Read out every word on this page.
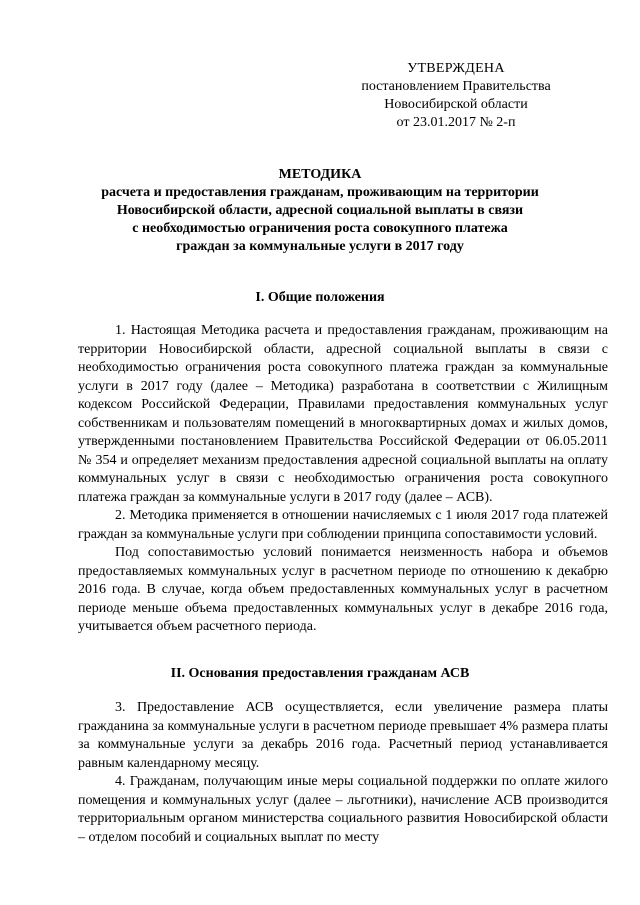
УТВЕРЖДЕНА
постановлением Правительства
Новосибирской области
от 23.01.2017 № 2-п
МЕТОДИКА
расчета и предоставления гражданам, проживающим на территории
Новосибирской области, адресной социальной выплаты в связи
с необходимостью ограничения роста совокупного платежа
граждан за коммунальные услуги в 2017 году
I. Общие положения

1. Настоящая Методика расчета и предоставления гражданам, проживающим на территории Новосибирской области, адресной социальной выплаты в связи с необходимостью ограничения роста совокупного платежа граждан за коммунальные услуги в 2017 году (далее – Методика) разработана в соответствии с Жилищным кодексом Российской Федерации, Правилами предоставления коммунальных услуг собственникам и пользователям помещений в многоквартирных домах и жилых домов, утвержденными постановлением Правительства Российской Федерации от 06.05.2011 № 354 и определяет механизм предоставления адресной социальной выплаты на оплату коммунальных услуг в связи с необходимостью ограничения роста совокупного платежа граждан за коммунальные услуги в 2017 году (далее – АСВ).

2. Методика применяется в отношении начисляемых с 1 июля 2017 года платежей граждан за коммунальные услуги при соблюдении принципа сопоставимости условий.

Под сопоставимостью условий понимается неизменность набора и объемов предоставляемых коммунальных услуг в расчетном периоде по отношению к декабрю 2016 года. В случае, когда объем предоставленных коммунальных услуг в расчетном периоде меньше объема предоставленных коммунальных услуг в декабре 2016 года, учитывается объем расчетного периода.

II. Основания предоставления гражданам АСВ

3. Предоставление АСВ осуществляется, если увеличение размера платы гражданина за коммунальные услуги в расчетном периоде превышает 4% размера платы за коммунальные услуги за декабрь 2016 года. Расчетный период устанавливается равным календарному месяцу.

4. Гражданам, получающим иные меры социальной поддержки по оплате жилого помещения и коммунальных услуг (далее – льготники), начисление АСВ производится территориальным органом министерства социального развития Новосибирской области – отделом пособий и социальных выплат по месту
